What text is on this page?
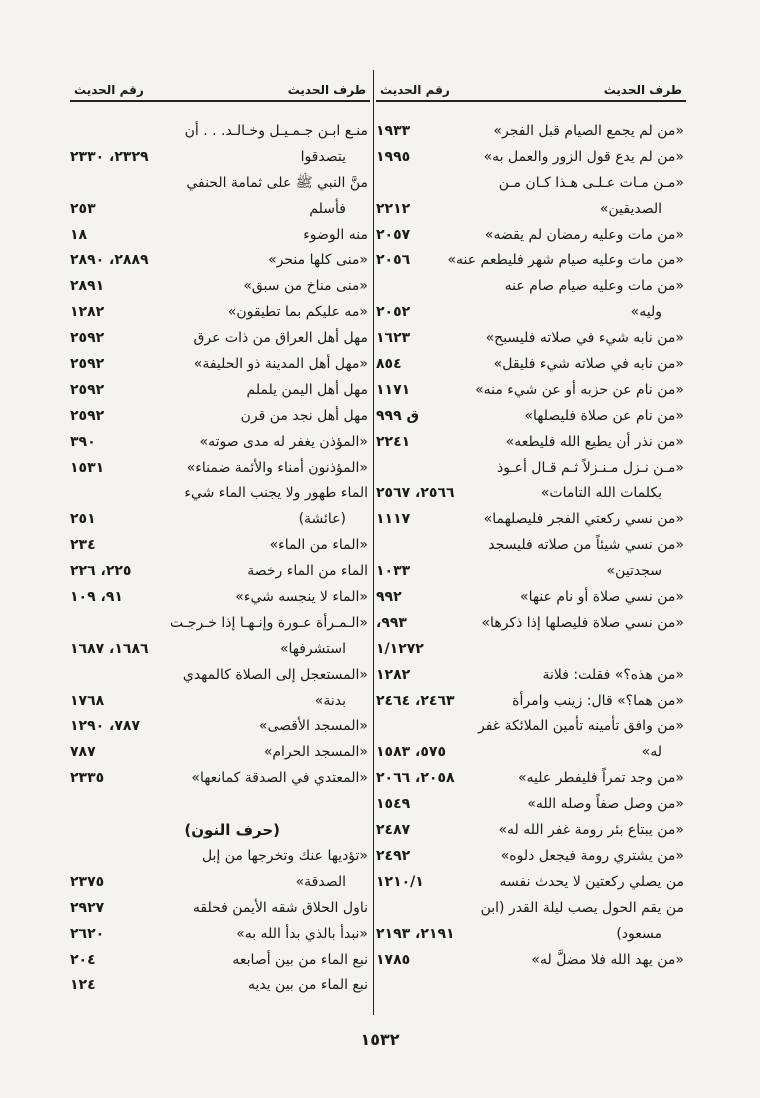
طرف الحديث
رقم الحديث
«من لم يجمع الصيام قبل الفجر»
١٩٣٣
«من لم يدع قول الزور والعمل به»
١٩٩٥
«مـن مـات عـلـى هـذا كـان مـن
الصديقين»
٢٢١٢
«من مات وعليه رمضان لم يقضه»
٢٠٥٧
«من مات وعليه صيام شهر فليطعم عنه»
٢٠٥٦
«من مات وعليه صيام صام عنه
وليه»
٢٠٥٢
«من نابه شيء في صلاته فليسبح»
١٦٢٣
«من نابه في صلاته شيء فليقل»
٨٥٤
«من نام عن حزبه أو عن شيء منه»
١١٧١
«من نام عن صلاة فليصلها»
ق ٩٩٩
«من نذر أن يطيع الله فليطعه»
٢٢٤١
«مـن نـزل مـنـزلاً ثـم قـال أعـوذ
بكلمات الله التامات»
٢٥٦٦، ٢٥٦٧
«من نسي ركعتي الفجر فليصلهما»
١١١٧
«من نسي شيئاً من صلاته فليسجد
سجدتين»
١٠٣٣
«من نسي صلاة أو نام عنها»
٩٩٢
«من نسي صلاة فليصلها إذا ذكرها»
٩٩٣،
١/١٢٧٢
«من هذه؟» فقلت: فلانة
١٢٨٢
«من هما؟» قال: زينب وامرأة
٢٤٦٣، ٢٤٦٤
«من وافق تأمينه تأمين الملائكة غفر
له»
٥٧٥، ١٥٨٣
«من وجد تمراً فليفطر عليه»
٢٠٥٨، ٢٠٦٦
«من وصل صفاً وصله الله»
١٥٤٩
«من يبتاع بئر رومة غفر الله له»
٢٤٨٧
«من يشتري رومة فيجعل دلوه»
٢٤٩٢
من يصلي ركعتين لا يحدث نفسه
١٢١٠/١
من يقم الحول يصب ليلة القدر (ابن
مسعود)
٢١٩١، ٢١٩٣
«من يهد الله فلا مضلَّ له»
١٧٨٥
طرف الحديث
رقم الحديث
منـع ابـن جـمـيـل وخـالـد. . . أن
يتصدقوا
٢٣٢٩، ٢٣٣٠
منَّ النبي ﷺ على ثمامة الحنفي
فأسلم
٢٥٣
منه الوضوء
١٨
«منى كلها منحر»
٢٨٨٩، ٢٨٩٠
«منى مناخ من سبق»
٢٨٩١
«مه عليكم بما تطيقون»
١٢٨٢
مهل أهل العراق من ذات عرق
٢٥٩٢
«مهل أهل المدينة ذو الحليفة»
٢٥٩٢
مهل أهل اليمن يلملم
٢٥٩٢
مهل أهل نجد من قرن
٢٥٩٢
«المؤذن يغفر له مدى صوته»
٣٩٠
«المؤذنون أمناء والأئمة ضمناء»
١٥٣١
الماء طهور ولا يجنب الماء شيء
(عائشة)
٢٥١
«الماء من الماء»
٢٣٤
الماء من الماء رخصة
٢٢٥، ٢٢٦
«الماء لا ينجسه شيء»
٩١، ١٠٩
«الـمـرأة عـورة وإنـهـا إذا خـرجـت
استشرفها»
١٦٨٦، ١٦٨٧
«المستعجل إلى الصلاة كالمهدي
بدنة»
١٧٦٨
«المسجد الأقصى»
٧٨٧، ١٢٩٠
«المسجد الحرام»
٧٨٧
«المعتدي في الصدقة كمانعها»
٢٣٣٥
(حرف النون)
«تؤديها عنك وتخرجها من إبل
الصدقة»
٢٣٧٥
ناول الحلاق شقه الأيمن فحلقه
٢٩٢٧
«نبدأ بالذي بدأ الله به»
٢٦٢٠
نبع الماء من بين أصابعه
٢٠٤
نبع الماء من بين يديه
١٢٤
١٥٣٢
